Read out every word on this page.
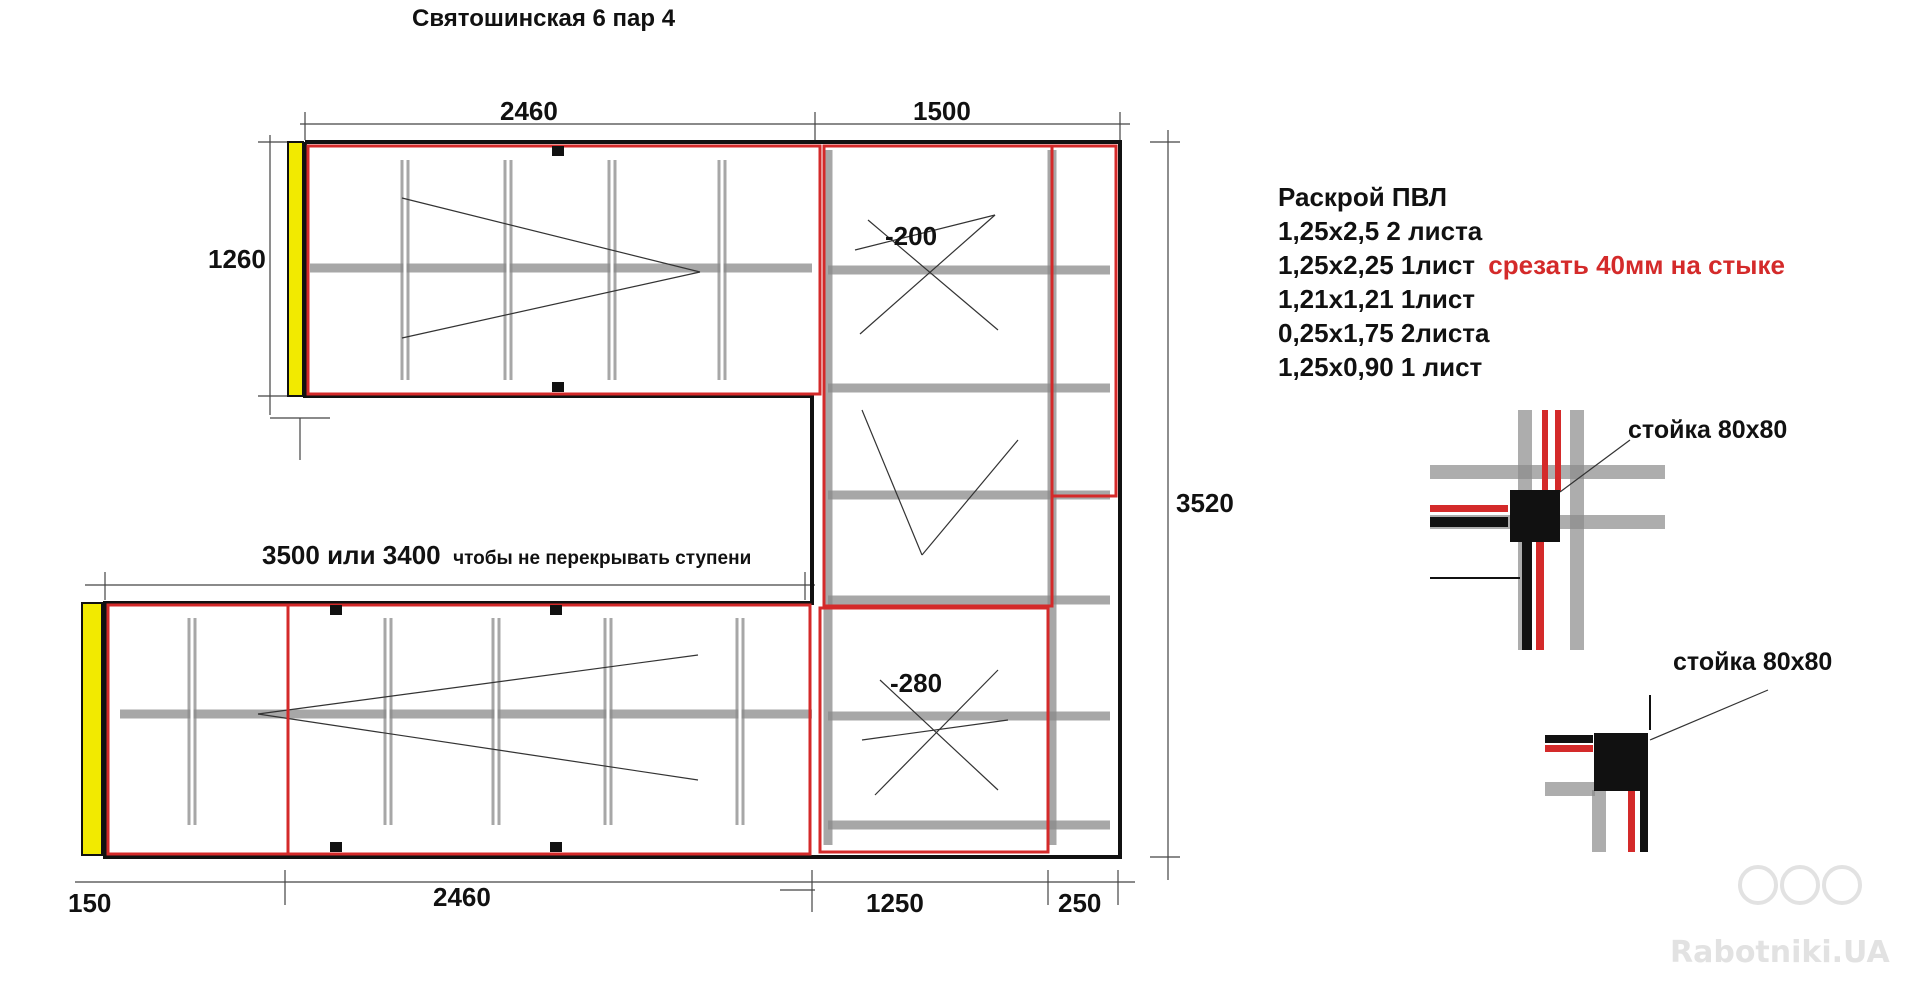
Святошинская 6 пар 4
2460	1500
1260
3520
3500 или 3400 чтобы не перекрывать ступени
150	2460	1250	250
-200
-280
Раскрой ПВЛ
1,25х2,5 2 листа
1,25х2,25 1лист срезать 40мм на стыке
1,21х1,21 1лист
0,25х1,75 2листа
1,25х0,90 1 лист
стойка 80х80
стойка 80х80
Rabotniki.UA
